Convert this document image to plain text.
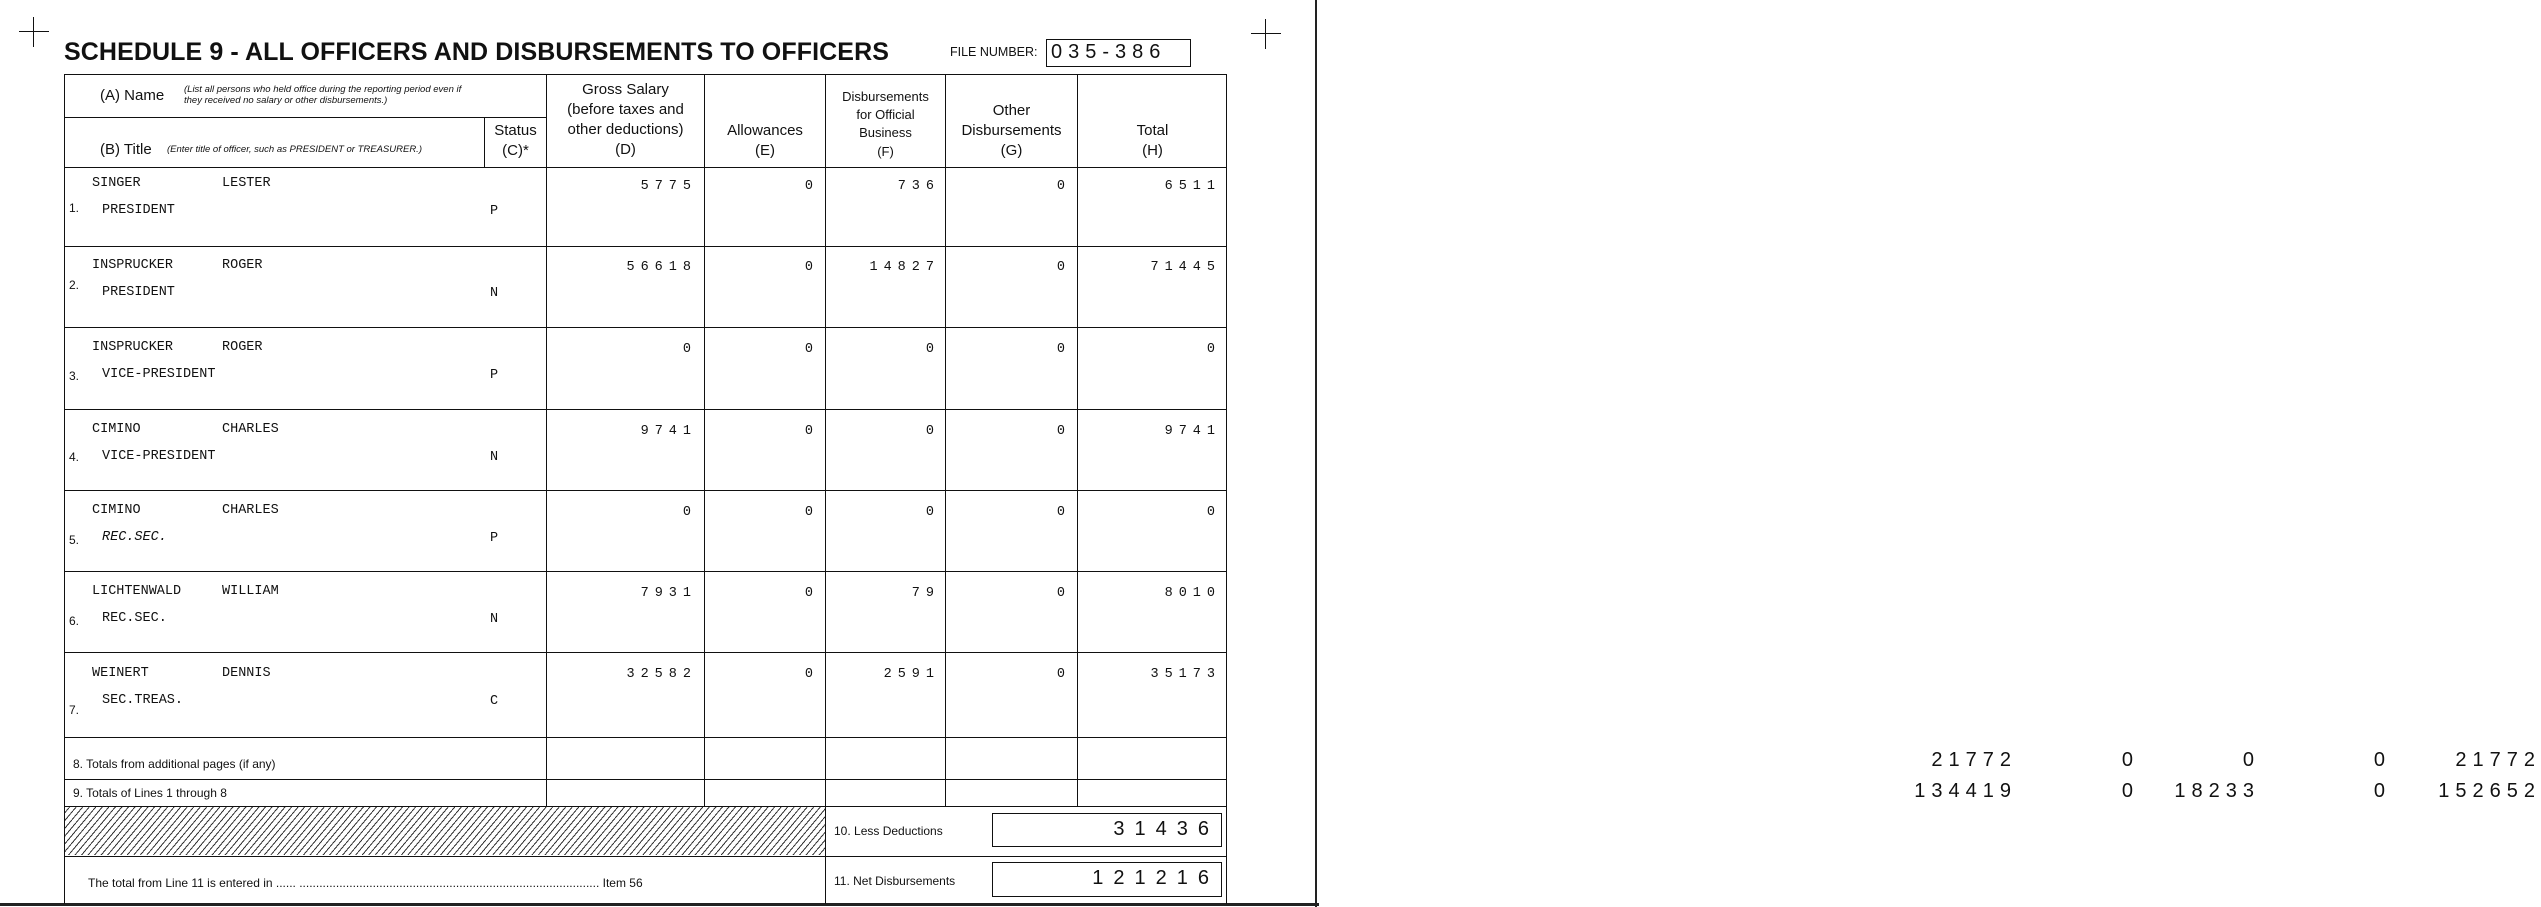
SCHEDULE 9 - ALL OFFICERS AND DISBURSEMENTS TO OFFICERS	FILE NUMBER: 035-386
(A) Name (List all persons who held office during the reporting period even if
they received no salary or other disbursements.)
(B) Title (Enter title of officer, such as PRESIDENT or TREASURER.)
Status
(C)*
Gross Salary
(before taxes and
other deductions)
(D)
Allowances
(E)
Disbursements
for Official
Business
(F)
Other
Disbursements
(G)
Total
(H)
SINGER	LESTER
1. PRESIDENT	P
5775	0	736	0	6511
INSPRUCKER	ROGER
2. PRESIDENT	N
56618	0	14827	0	71445
INSPRUCKER	ROGER
3. VICE-PRESIDENT	P
0	0	0	0	0
CIMINO	CHARLES
4. VICE-PRESIDENT	N
9741	0	0	0	9741
CIMINO	CHARLES
5. REC.SEC.	P
0	0	0	0	0
LICHTENWALD	WILLIAM
6. REC.SEC.	N
7931	0	79	0	8010
WEINERT	DENNIS
7.
SEC.TREAS.	C
32582	0	2591	0	35173
8. Totals from additional pages (if any)	21772	0	0	0	21772
9. Totals of Lines 1 through 8	134419	0 18233	0 152652
10. Less Deductions	31436
The total from Line 11 is entered in ...... .......................................................................................... Item 56	11. Net Disbursements	121216
